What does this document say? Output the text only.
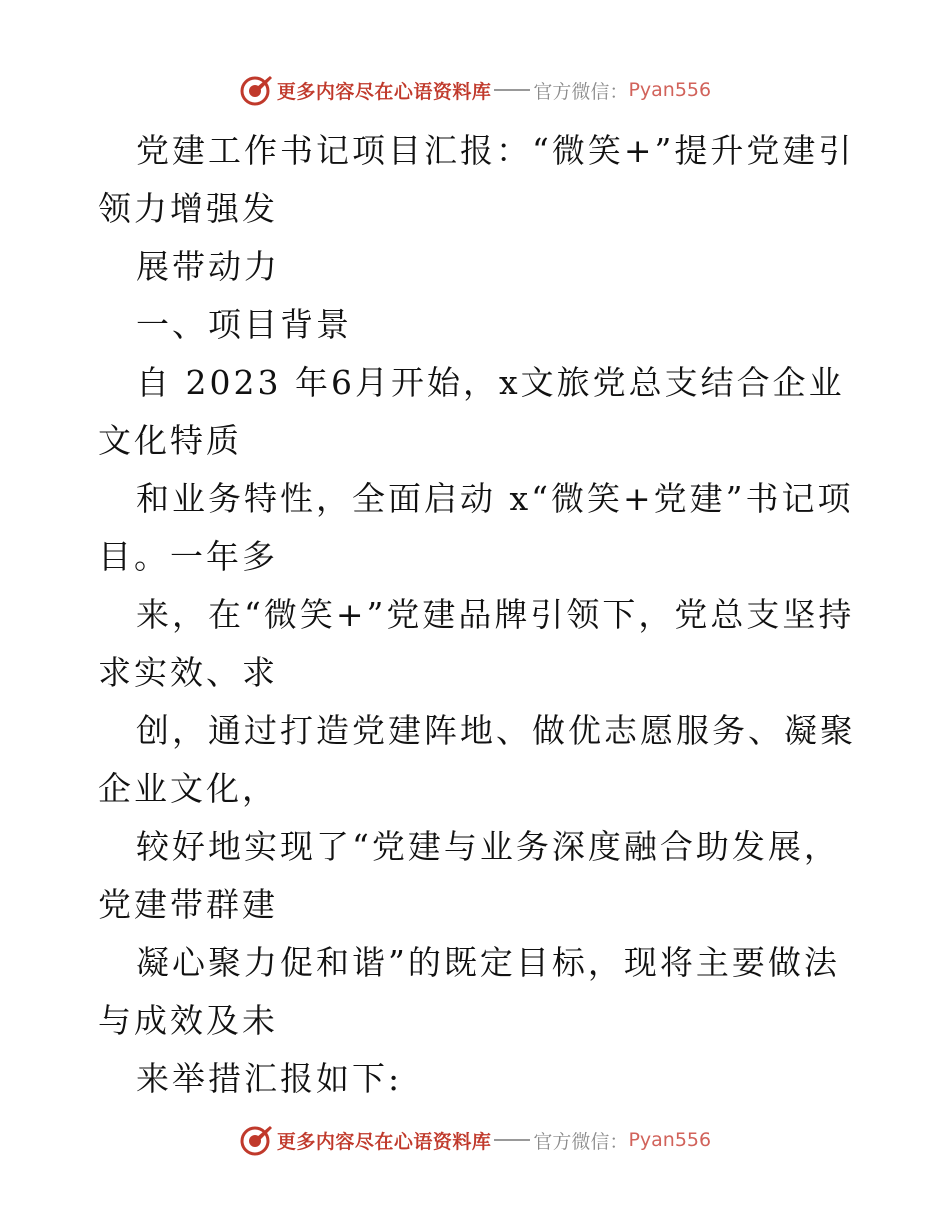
更多内容尽在心语资料库 官方微信： Pyan556

党建工作书记项目汇报：“微笑+”提升党建引领力增强发

展带动力

一、项目背景

自 2023 年6月开始，x文旅党总支结合企业文化特质

和业务特性，全面启动 x“微笑+党建”书记项目。一年多

来，在“微笑+”党建品牌引领下，党总支坚持求实效、求

创，通过打造党建阵地、做优志愿服务、凝聚企业文化，

较好地实现了“党建与业务深度融合助发展，党建带群建

凝心聚力促和谐”的既定目标，现将主要做法与成效及未

来举措汇报如下:

更多内容尽在心语资料库 官方微信： Pyan556
